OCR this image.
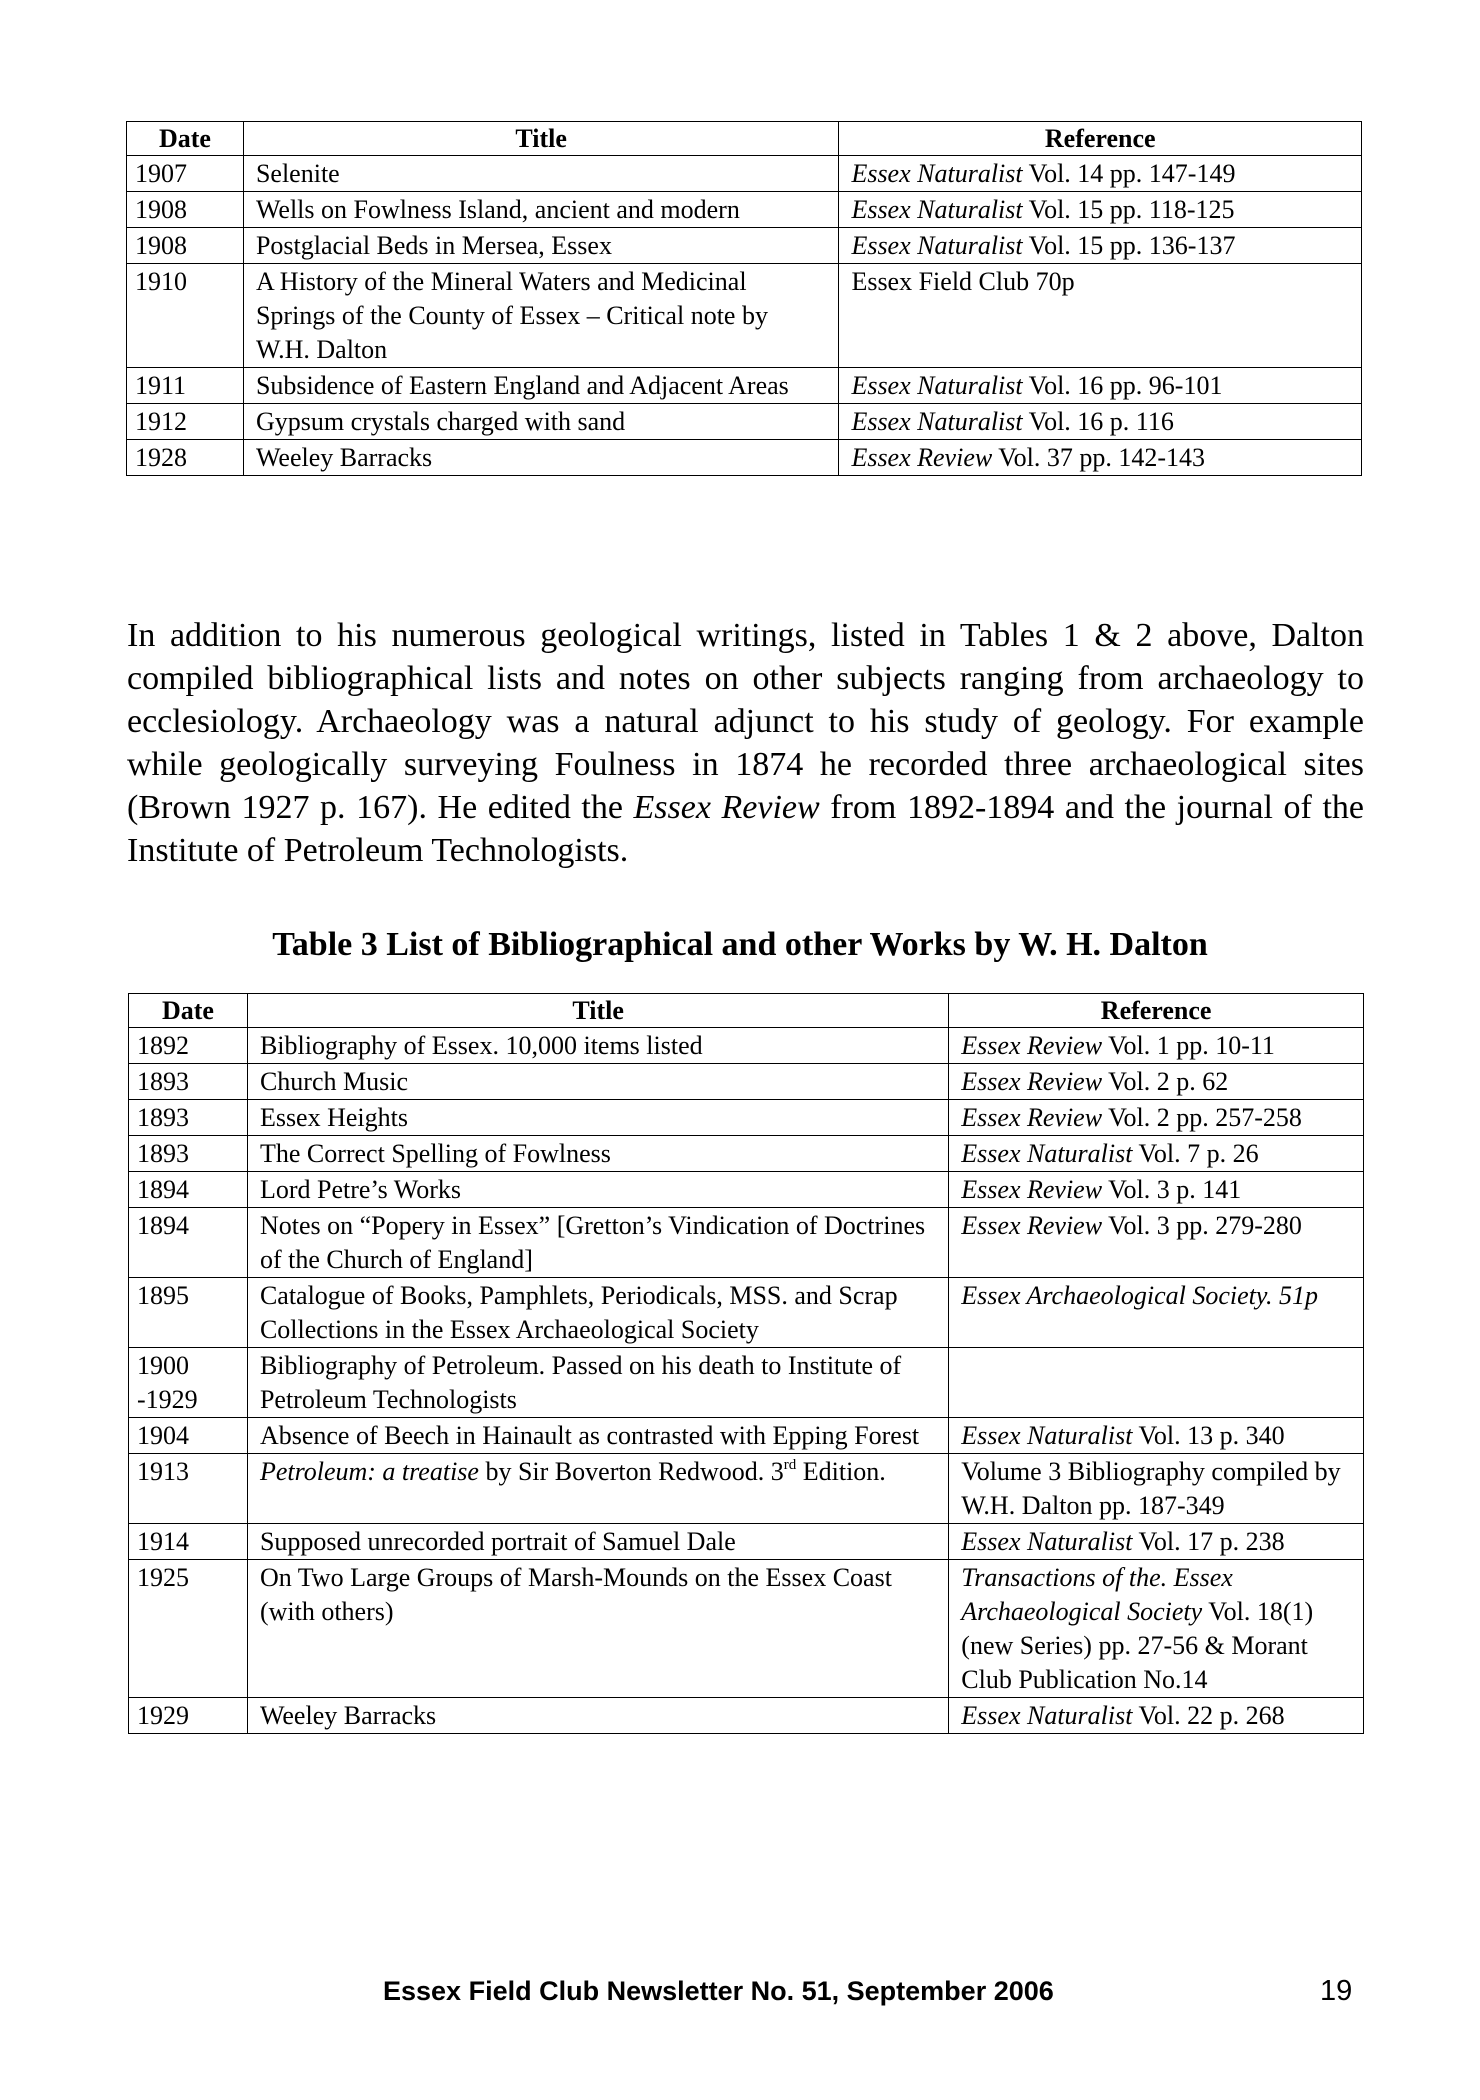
Date	Title	Reference
1907	Selenite	Essex Naturalist Vol. 14 pp. 147-149
1908	Wells on Fowlness Island, ancient and modern	Essex Naturalist Vol. 15 pp. 118-125
1908	Postglacial Beds in Mersea, Essex	Essex Naturalist Vol. 15 pp. 136-137
1910	A History of the Mineral Waters and Medicinal Springs of the County of Essex – Critical note by W.H. Dalton	Essex Field Club 70p
1911	Subsidence of Eastern England and Adjacent Areas	Essex Naturalist Vol. 16 pp. 96-101
1912	Gypsum crystals charged with sand	Essex Naturalist Vol. 16 p. 116
1928	Weeley Barracks	Essex Review Vol. 37 pp. 142-143

In addition to his numerous geological writings, listed in Tables 1 & 2 above, Dalton compiled bibliographical lists and notes on other subjects ranging from archaeology to ecclesiology. Archaeology was a natural adjunct to his study of geology. For example while geologically surveying Foulness in 1874 he recorded three archaeological sites (Brown 1927 p. 167). He edited the Essex Review from 1892-1894 and the journal of the Institute of Petroleum Technologists.

Table 3 List of Bibliographical and other Works by W. H. Dalton
Date	Title	Reference
1892	Bibliography of Essex. 10,000 items listed	Essex Review Vol. 1 pp. 10-11
1893	Church Music	Essex Review Vol. 2 p. 62
1893	Essex Heights	Essex Review Vol. 2 pp. 257-258
1893	The Correct Spelling of Fowlness	Essex Naturalist Vol. 7 p. 26
1894	Lord Petre’s Works	Essex Review Vol. 3 p. 141
1894	Notes on “Popery in Essex” [Gretton’s Vindication of Doctrines of the Church of England]	Essex Review Vol. 3 pp. 279-280
1895	Catalogue of Books, Pamphlets, Periodicals, MSS. and Scrap Collections in the Essex Archaeological Society	Essex Archaeological Society. 51p
1900 -1929	Bibliography of Petroleum. Passed on his death to Institute of Petroleum Technologists	
1904	Absence of Beech in Hainault as contrasted with Epping Forest	Essex Naturalist Vol. 13 p. 340
1913	Petroleum: a treatise by Sir Boverton Redwood. 3rd Edition.	Volume 3 Bibliography compiled by W.H. Dalton pp. 187-349
1914	Supposed unrecorded portrait of Samuel Dale	Essex Naturalist Vol. 17 p. 238
1925	On Two Large Groups of Marsh-Mounds on the Essex Coast (with others)	Transactions of the. Essex Archaeological Society Vol. 18(1) (new Series) pp. 27-56 & Morant Club Publication No.14
1929	Weeley Barracks	Essex Naturalist Vol. 22 p. 268
Essex Field Club Newsletter No. 51, September 2006	19
